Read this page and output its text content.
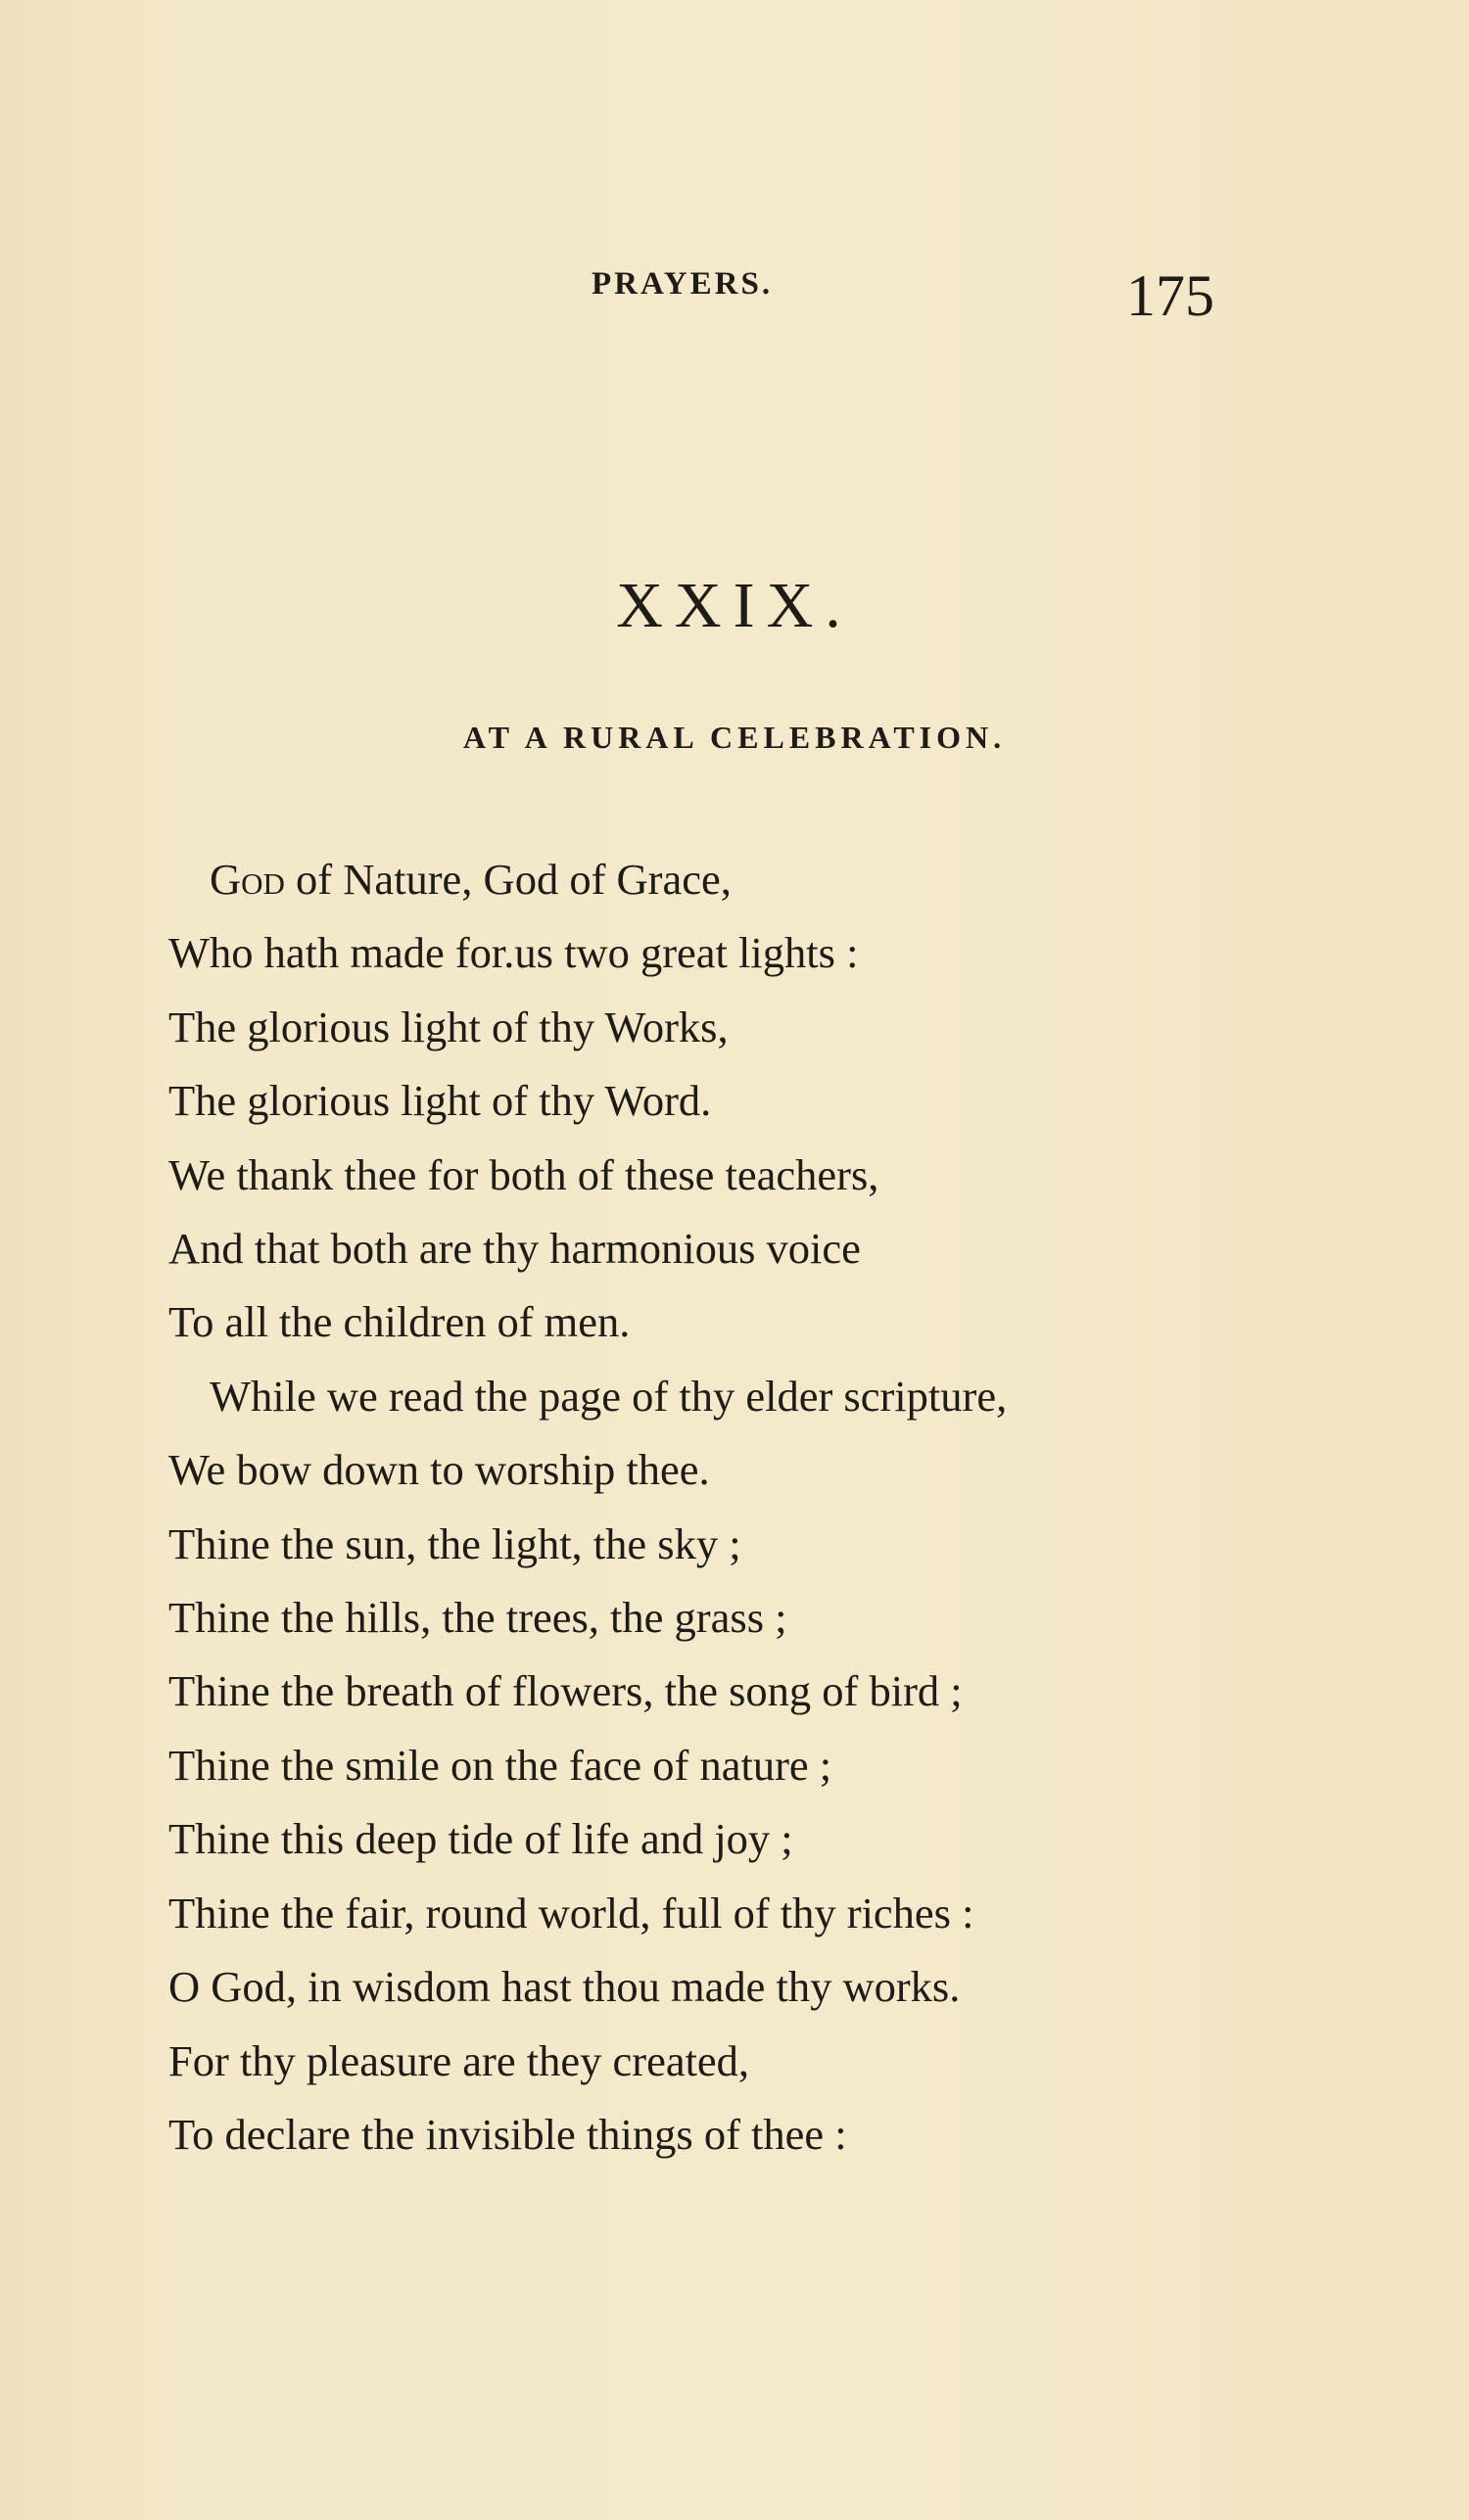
PRAYERS.	175
XXIX.
AT A RURAL CELEBRATION.
God of Nature, God of Grace,
Who hath made for.us two great lights :
The glorious light of thy Works,
The glorious light of thy Word.
We thank thee for both of these teachers,
And that both are thy harmonious voice
To all the children of men.
While we read the page of thy elder scripture,
We bow down to worship thee.
Thine the sun, the light, the sky ;
Thine the hills, the trees, the grass ;
Thine the breath of flowers, the song of bird ;
Thine the smile on the face of nature ;
Thine this deep tide of life and joy ;
Thine the fair, round world, full of thy riches :
O God, in wisdom hast thou made thy works.
For thy pleasure are they created,
To declare the invisible things of thee :
